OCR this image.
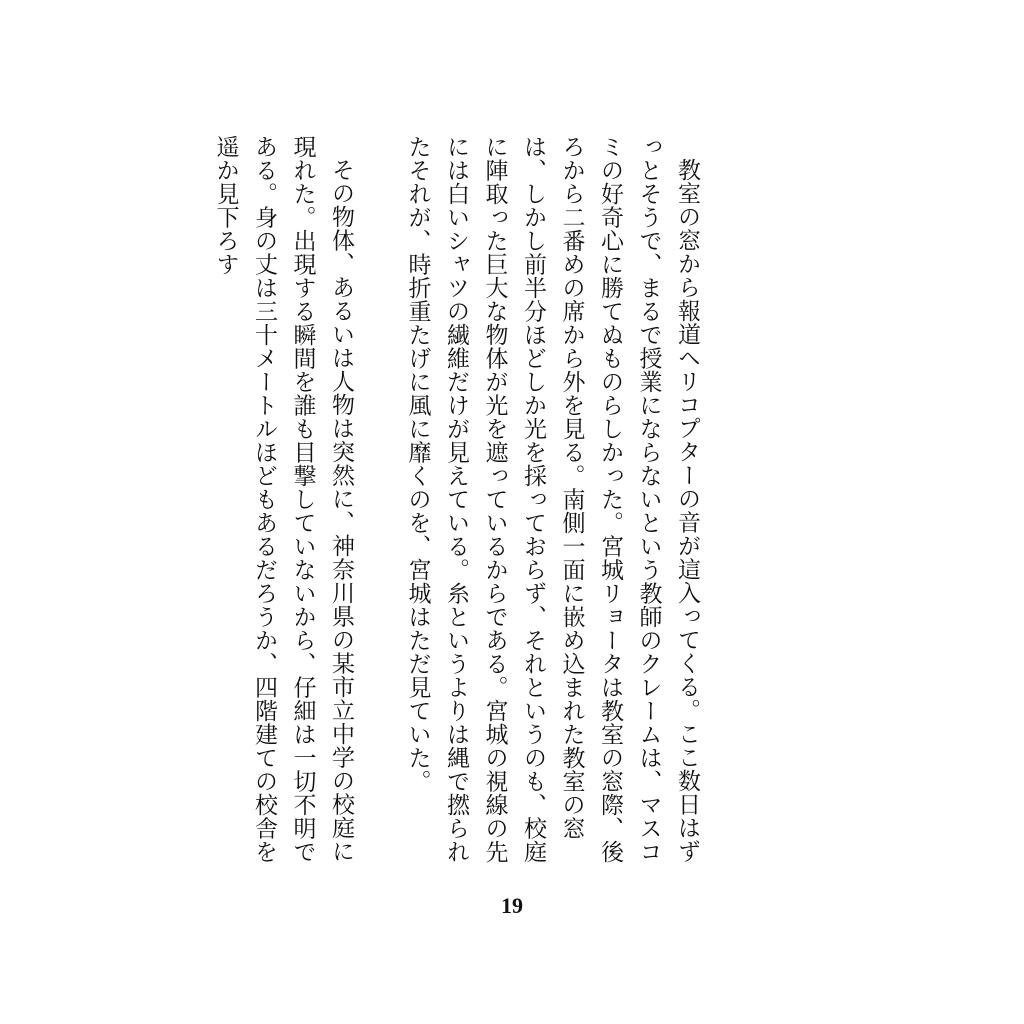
教室の窓から報道ヘリコプターの音が這入ってくる。ここ数日はずっとそうで、まるで授業にならないという教師のクレームは、マスコミの好奇心に勝てぬものらしかった。宮城リョータは教室の窓際、後ろから二番めの席から外を見る。南側一面に嵌め込まれた教室の窓は、しかし前半分ほどしか光を採っておらず、それというのも、校庭に陣取った巨大な物体が光を遮っているからである。宮城の視線の先には白いシャツの繊維だけが見えている。糸というよりは縄で撚られたそれが、時折重たげに風に靡くのを、宮城はただ見ていた。

その物体、あるいは人物は突然に、神奈川県の某市立中学の校庭に現れた。出現する瞬間を誰も目撃していないから、仔細は一切不明である。身の丈は三十メートルほどもあるだろうか、四階建ての校舎を遥か見下ろす

19
